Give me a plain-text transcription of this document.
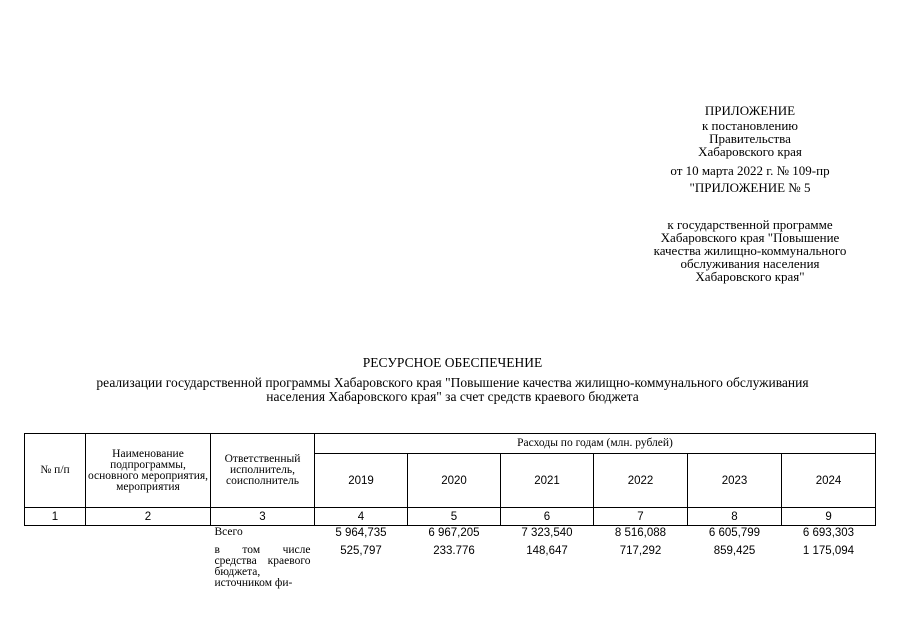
ПРИЛОЖЕНИЕ
к постановлению
Правительства
Хабаровского края
от 10 марта 2022 г. № 109-пр
"ПРИЛОЖЕНИЕ № 5
к государственной программе
Хабаровского края "Повышение
качества жилищно-коммунального
обслуживания населения
Хабаровского края"
РЕСУРСНОЕ ОБЕСПЕЧЕНИЕ
реализации государственной программы Хабаровского края "Повышение качества жилищно-коммунального обслуживания
населения Хабаровского края" за счет средств краевого бюджета
№ п/п	Наименование подпрограммы, основного мероприятия, мероприятия	Ответственный исполнитель, соисполнитель	Расходы по годам (млн. рублей)					
			2019	2020	2021	2022	2023	2024
1	2	3	4	5	6	7	8	9
		Всего	5 964,735	6 967,205	7 323,540	8 516,088	6 605,799	6 693,303
		в том числе средства краевого бюджета, источником фи-	525,797	233.776	148,647	717,292	859,425	1 175,094
